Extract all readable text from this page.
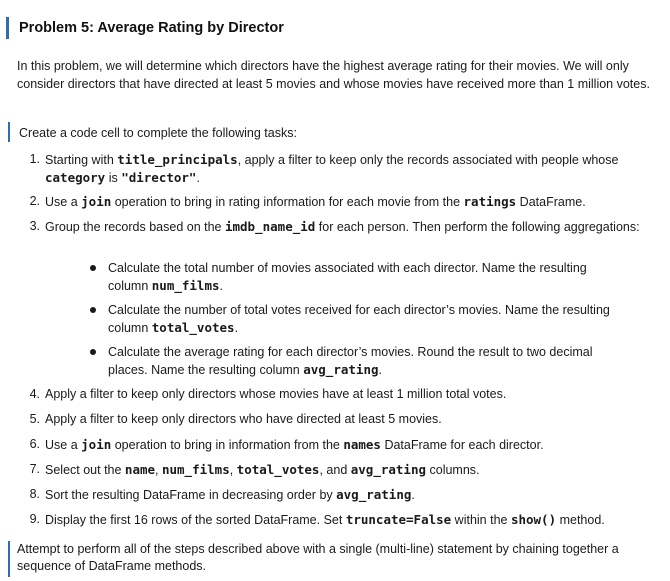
Problem 5: Average Rating by Director

In this problem, we will determine which directors have the highest average rating for their movies. We will only consider directors that have directed at least 5 movies and whose movies have received more than 1 million votes.

Create a code cell to complete the following tasks:

1. Starting with title_principals, apply a filter to keep only the records associated with people whose category is "director".
2. Use a join operation to bring in rating information for each movie from the ratings DataFrame.
3. Group the records based on the imdb_name_id for each person. Then perform the following aggregations:
4. Apply a filter to keep only directors whose movies have at least 1 million total votes.
5. Apply a filter to keep only directors who have directed at least 5 movies.
6. Use a join operation to bring in information from the names DataFrame for each director.
7. Select out the name, num_films, total_votes, and avg_rating columns.
8. Sort the resulting DataFrame in decreasing order by avg_rating.
9. Display the first 16 rows of the sorted DataFrame. Set truncate=False within the show() method.
Calculate the total number of movies associated with each director. Name the resulting column num_films.
Calculate the number of total votes received for each director’s movies. Name the resulting column total_votes.
Calculate the average rating for each director’s movies. Round the result to two decimal places. Name the resulting column avg_rating.

Attempt to perform all of the steps described above with a single (multi-line) statement by chaining together a sequence of DataFrame methods.
